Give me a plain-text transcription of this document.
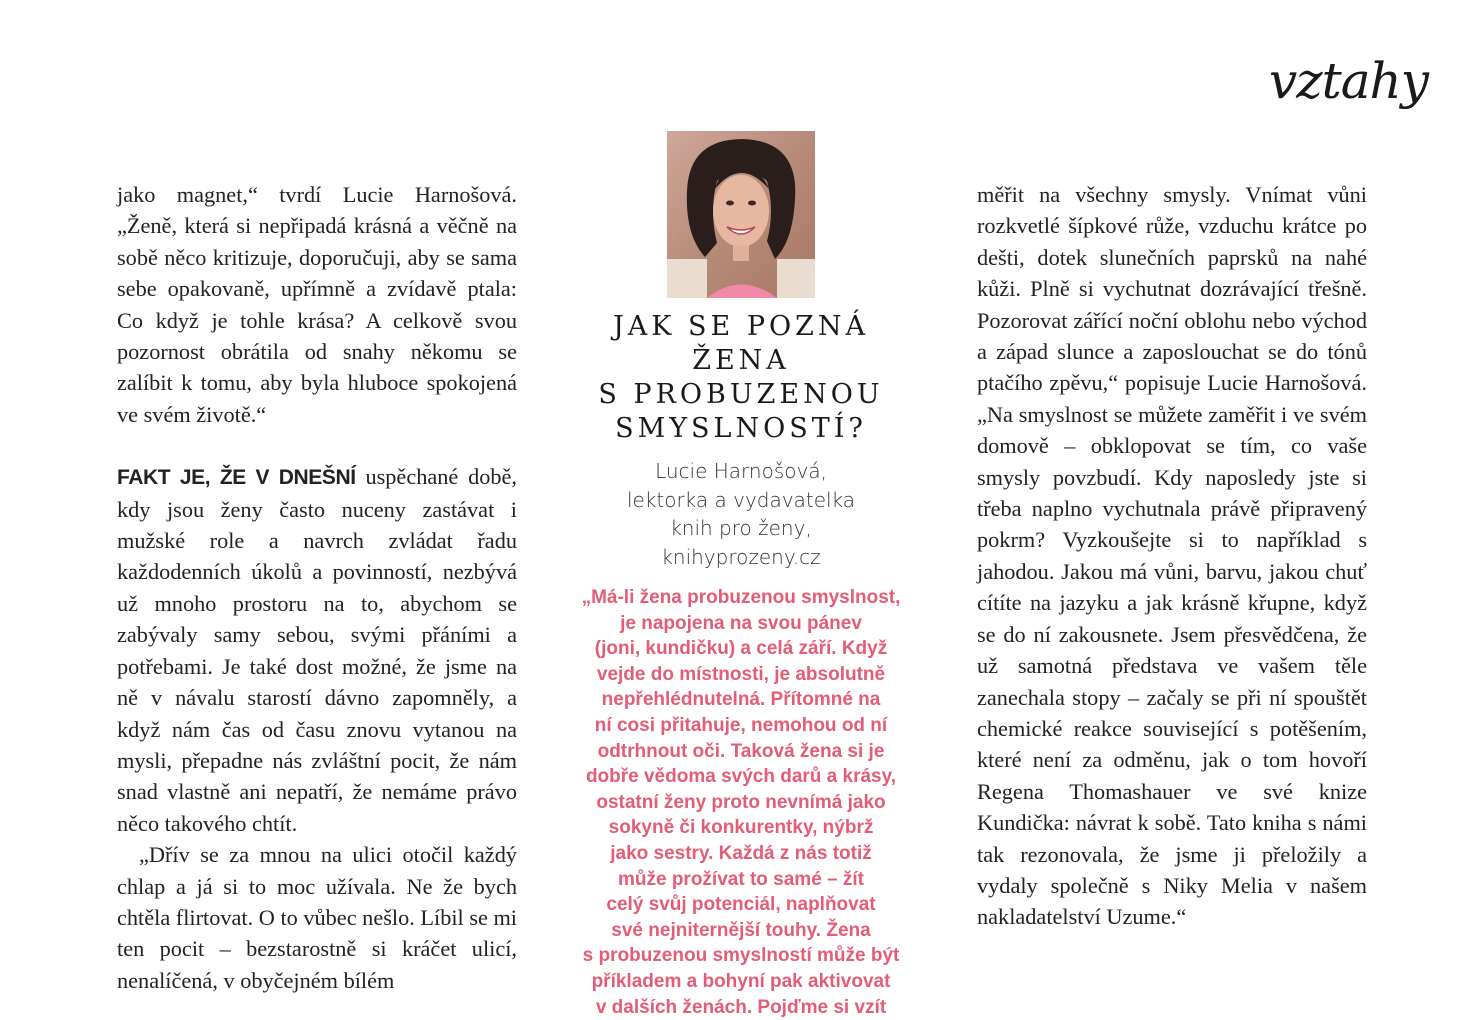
vztahy

jako magnet,“ tvrdí Lucie Harnošová. „Ženě, která si nepřipadá krásná a věčně na sobě něco kritizuje, doporučuji, aby se sama sebe opakovaně, upřímně a zvídavě ptala: Co když je tohle krása? A celkově svou pozornost obrátila od snahy někomu se zalíbit k tomu, aby byla hluboce spokojená ve svém životě.“

FAKT JE, ŽE V DNEŠNÍ uspěchané době, kdy jsou ženy často nuceny zastávat i mužské role a navrch zvládat řadu každodenních úkolů a povinností, nezbývá už mnoho prostoru na to, abychom se zabývaly samy sebou, svými přáními a potřebami. Je také dost možné, že jsme na ně v návalu starostí dávno zapomněly, a když nám čas od času znovu vytanou na mysli, přepadne nás zvláštní pocit, že nám snad vlastně ani nepatří, že nemáme právo něco takového chtít.

„Dřív se za mnou na ulici otočil každý chlap a já si to moc užívala. Ne že bych chtěla flirtovat. O to vůbec nešlo. Líbil se mi ten pocit – bezstarostně si kráčet ulicí, nenalíčená, v obyčejném bílém

JAK SE POZNÁ ŽENA
S PROBUZENOU
SMYSLNOSTÍ?
Lucie Harnošová,
lektorka a vydavatelka
knih pro ženy,
knihyprozeny.cz
„Má-li žena probuzenou smyslnost,
je napojena na svou pánev
(joni, kundičku) a celá září. Když
vejde do místnosti, je absolutně
nepřehlédnutelná. Přítomné na
ní cosi přitahuje, nemohou od ní
odtrhnout oči. Taková žena si je
dobře vědoma svých darů a krásy,
ostatní ženy proto nevnímá jako
sokyně či konkurentky, nýbrž
jako sestry. Každá z nás totiž
může prožívat to samé – žít
celý svůj potenciál, naplňovat
své nejniternější touhy. Žena
s probuzenou smyslností může být
příkladem a bohyní pak aktivovat
v dalších ženách. Pojďme si vzít

měřit na všechny smysly. Vnímat vůni rozkvetlé šípkové růže, vzduchu krátce po dešti, dotek slunečních paprsků na nahé kůži. Plně si vychutnat dozrávající třešně. Pozorovat zářící noční oblohu nebo východ a západ slunce a zaposlouchat se do tónů ptačího zpěvu,“ popisuje Lucie Harnošová. „Na smyslnost se můžete zaměřit i ve svém domově – obklopovat se tím, co vaše smysly povzbudí. Kdy naposledy jste si třeba naplno vychutnala právě připravený pokrm? Vyzkoušejte si to například s jahodou. Jakou má vůni, barvu, jakou chuť cítíte na jazyku a jak krásně křupne, když se do ní zakousnete. Jsem přesvědčena, že už samotná představa ve vašem těle zanechala stopy – začaly se při ní spouštět chemické reakce související s potěšením, které není za odměnu, jak o tom hovoří Regena Thomashauer ve své knize Kundička: návrat k sobě. Tato kniha s námi tak rezonovala, že jsme ji přeložily a vydaly společně s Niky Melia v našem nakladatelství Uzume.“
